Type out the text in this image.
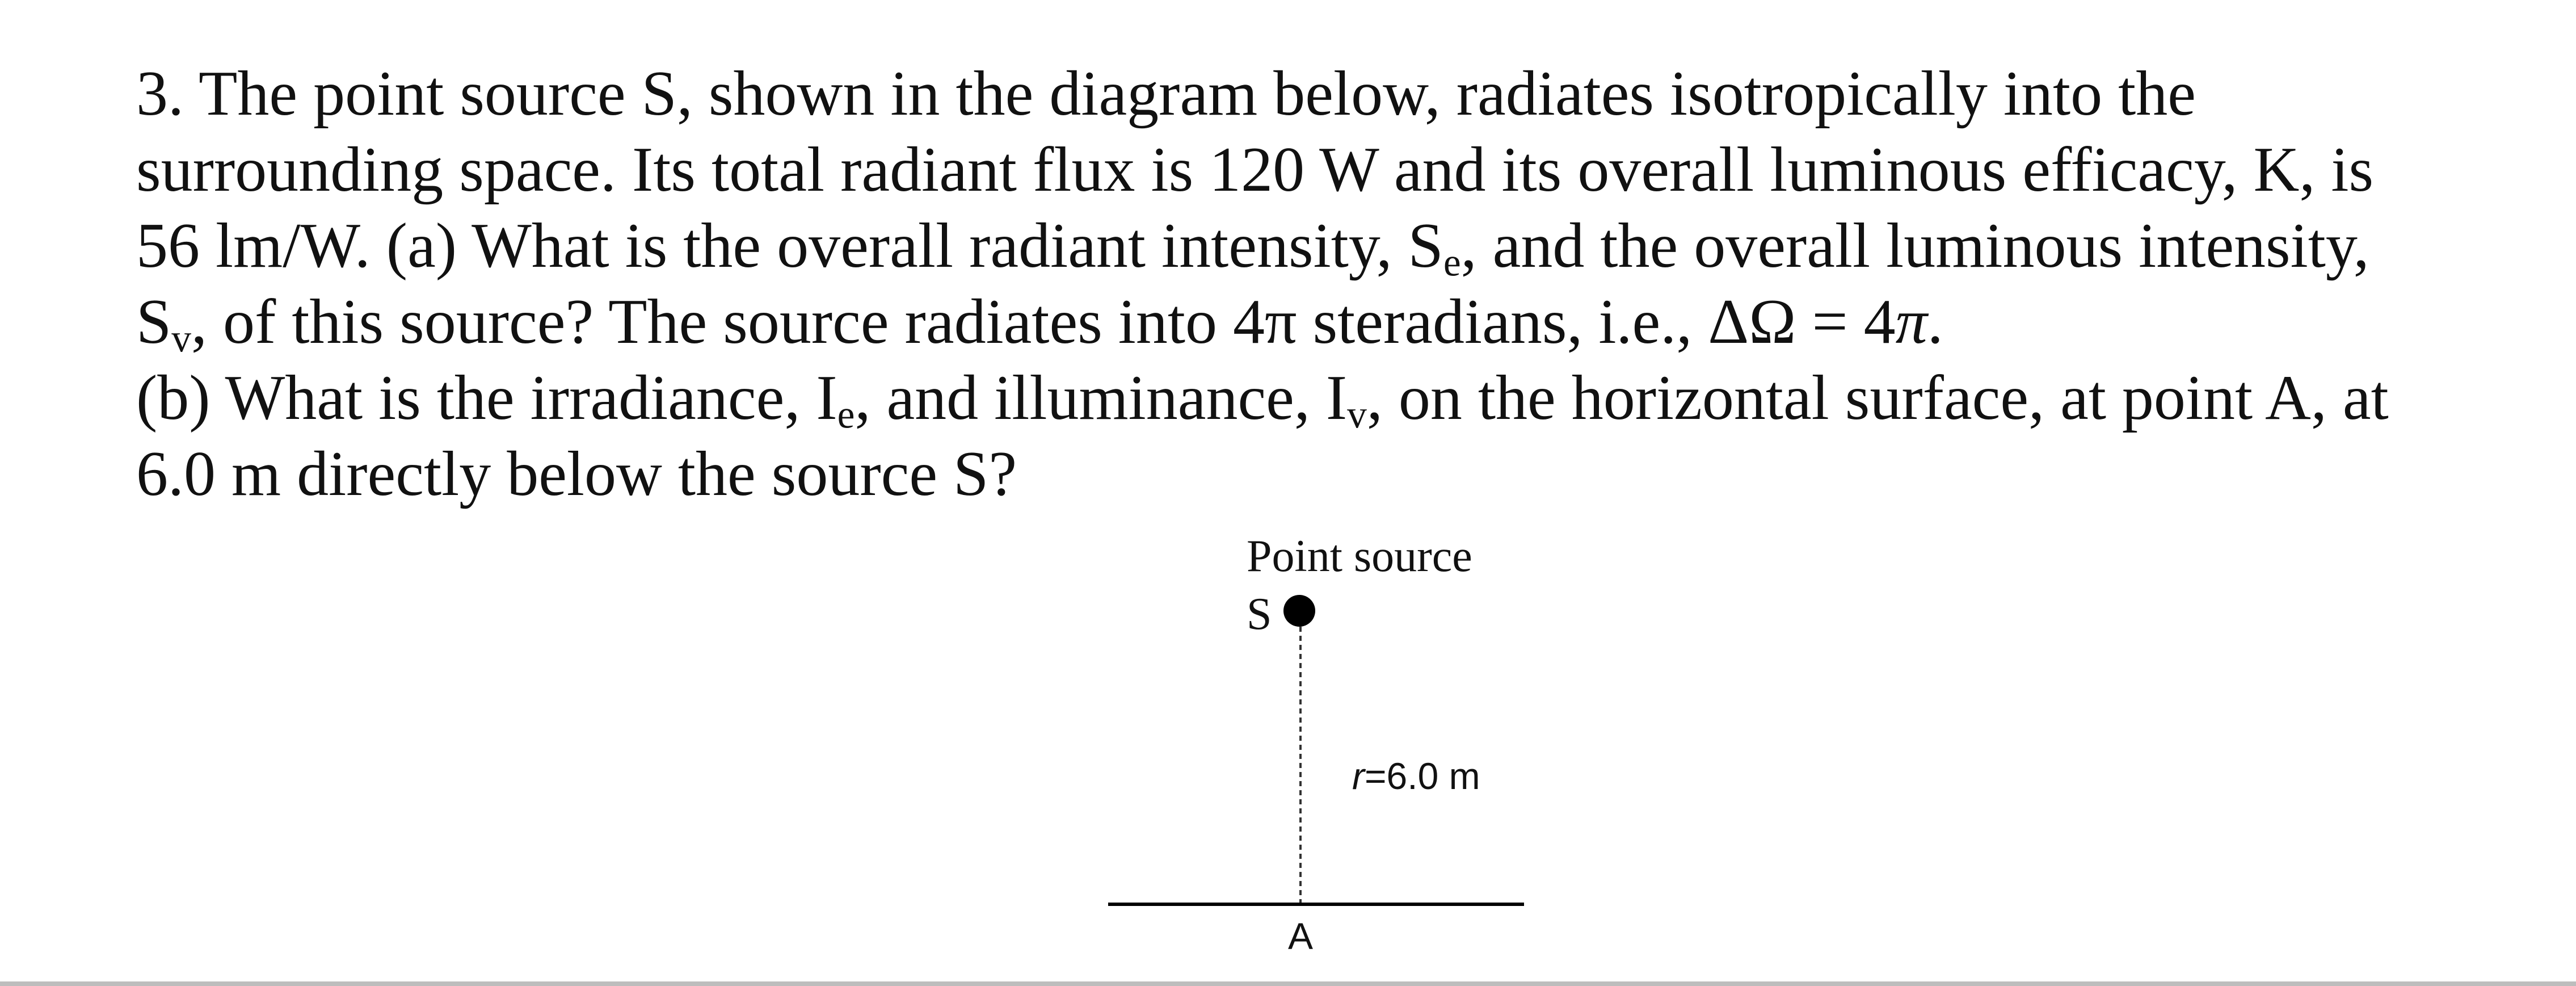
3. The point source S, shown in the diagram below, radiates isotropically into the
surrounding space. Its total radiant flux is 120 W and its overall luminous efficacy, K, is
56 lm/W. (a) What is the overall radiant intensity, $S_e$, and the overall luminous intensity,
$S_v$, of this source? The source radiates into 4π steradians, i.e., ΔΩ = 4π.
(b) What is the irradiance, $I_e$, and illuminance, $I_v$, on the horizontal surface, at point A, at
6.0 m directly below the source S?
Point source
S
r=6.0 m
A
